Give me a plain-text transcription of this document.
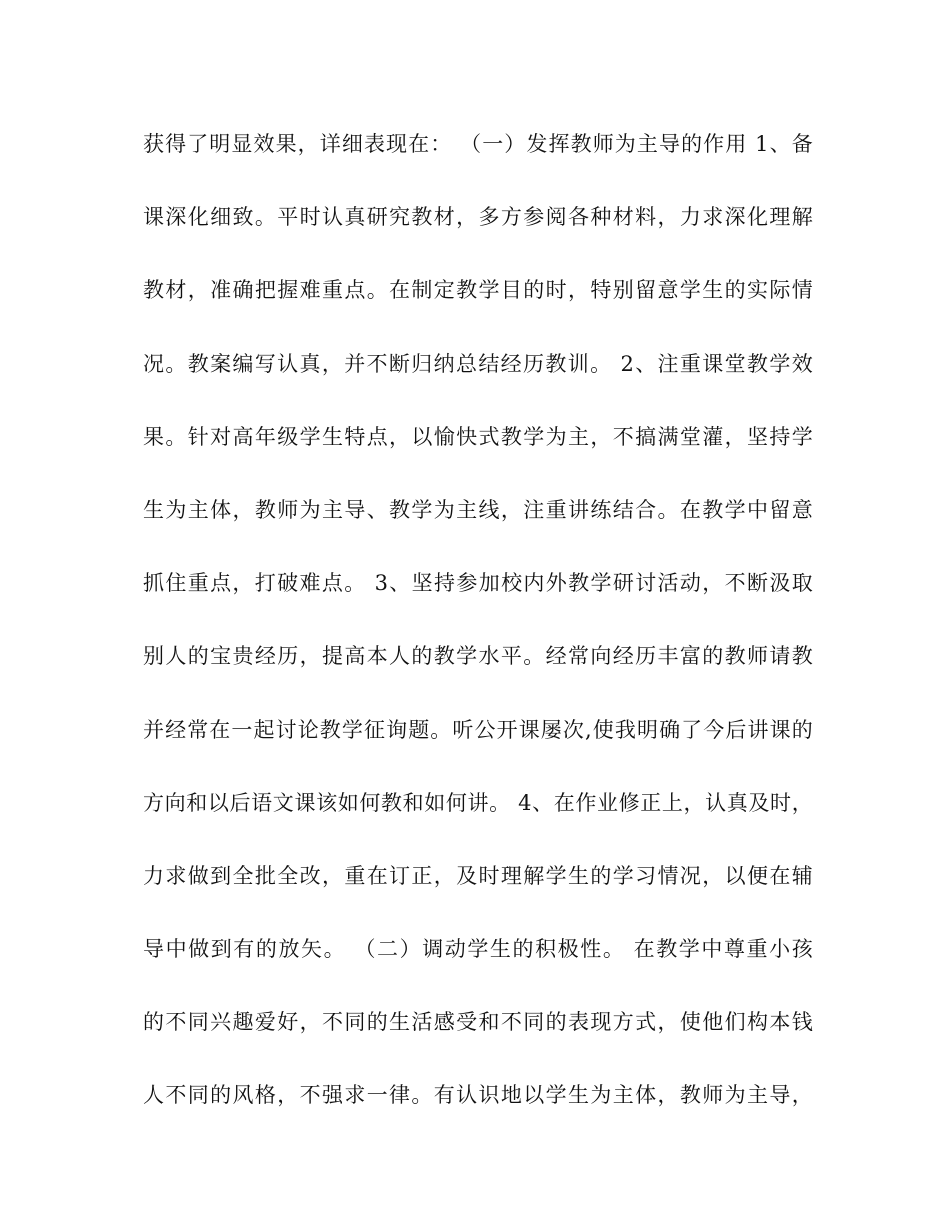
获得了明显效果，详细表现在： （一）发挥教师为主导的作用 1、备
课深化细致。平时认真研究教材，多方参阅各种材料，力求深化理解
教材，准确把握难重点。在制定教学目的时，特别留意学生的实际情
况。教案编写认真，并不断归纳总结经历教训。 2、注重课堂教学效
果。针对高年级学生特点，以愉快式教学为主，不搞满堂灌，坚持学
生为主体，教师为主导、教学为主线，注重讲练结合。在教学中留意
抓住重点，打破难点。 3、坚持参加校内外教学研讨活动，不断汲取
别人的宝贵经历，提高本人的教学水平。经常向经历丰富的教师请教
并经常在一起讨论教学征询题。听公开课屡次,使我明确了今后讲课的
方向和以后语文课该如何教和如何讲。 4、在作业修正上，认真及时，
力求做到全批全改，重在订正，及时理解学生的学习情况，以便在辅
导中做到有的放矢。 （二）调动学生的积极性。 在教学中尊重小孩
的不同兴趣爱好，不同的生活感受和不同的表现方式，使他们构本钱
人不同的风格，不强求一律。有认识地以学生为主体，教师为主导，
